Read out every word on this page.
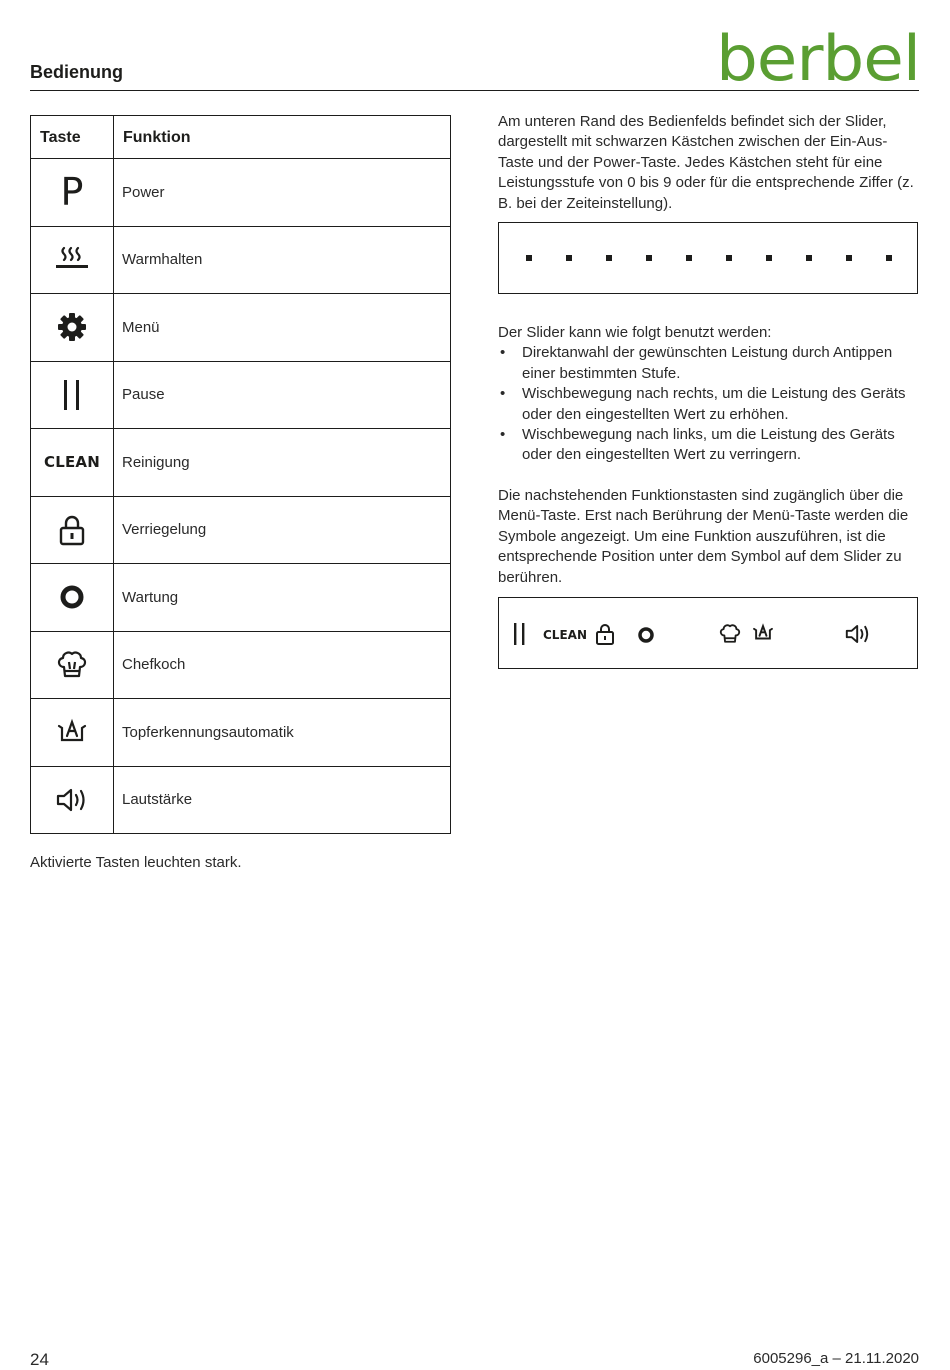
Bedienung	berbel
Taste	Funktion
P	Power

	Warmhalten

	Menü

	Pause
CLEAN	Reinigung

	Verriegelung

	Wartung

	Chefkoch

	Topferkennungsautomatik

	Lautstärke
Aktivierte Tasten leuchten stark.
Am unteren Rand des Bedienfelds befindet sich der Slider, dargestellt mit schwarzen Kästchen zwischen der Ein-Aus-Taste und der Power-Taste. Jedes Kästchen steht für eine Leistungsstufe von 0 bis 9 oder für die entsprechende Ziffer (z. B. bei der Zeiteinstellung).
Der Slider kann wie folgt benutzt werden:
• Direktanwahl der gewünschten Leistung durch Antippen einer bestimmten Stufe.
• Wischbewegung nach rechts, um die Leistung des Geräts oder den eingestellten Wert zu erhöhen.
• Wischbewegung nach links, um die Leistung des Geräts oder den eingestellten Wert zu verringern.
Die nachstehenden Funktionstasten sind zugänglich über die Menü-Taste. Erst nach Berührung der Menü-Taste werden die Symbole angezeigt. Um eine Funktion auszuführen, ist die entsprechende Position unter dem Symbol auf dem Slider zu berühren.
CLEAN
24	6005296_a – 21.11.2020
